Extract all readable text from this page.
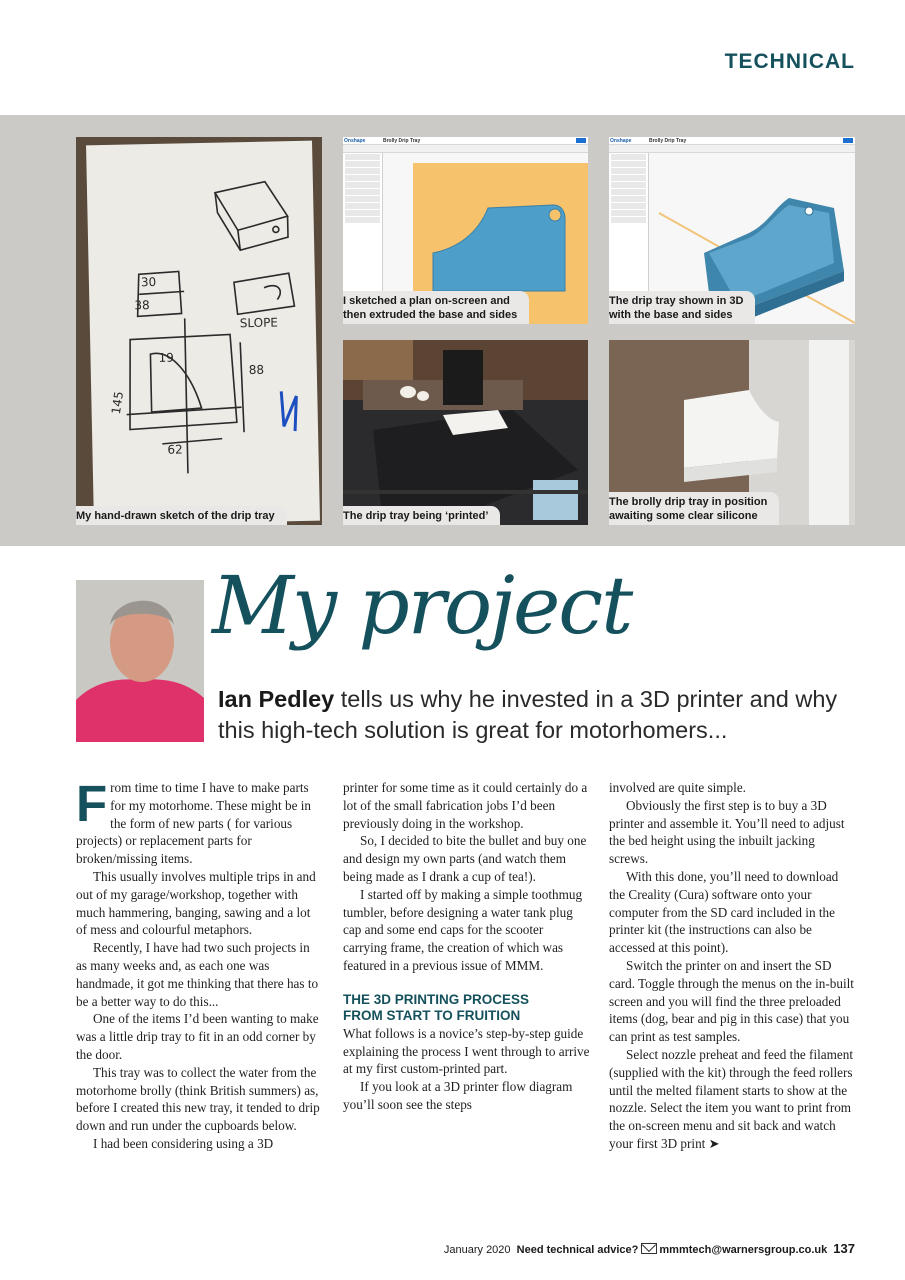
TECHNICAL
30
38
SLOPE
19
88
145
62
My hand-drawn sketch of the drip tray
Onshape	Brolly Drip Tray
I sketched a plan on-screen and
then extruded the base and sides
Onshape	Brolly Drip Tray
The drip tray shown in 3D
with the base and sides
The drip tray being ‘printed’
The brolly drip tray in position
awaiting some clear silicone
My project
Ian Pedley tells us why he invested in a 3D printer and why this high-tech solution is great for motorhomers...

From time to time I have to make parts for my motorhome. These might be in the form of new parts ( for various projects) or replacement parts for broken/missing items.

This usually involves multiple trips in and out of my garage/workshop, together with much hammering, banging, sawing and a lot of mess and colourful metaphors.

Recently, I have had two such projects in as many weeks and, as each one was handmade, it got me thinking that there has to be a better way to do this...

One of the items I’d been wanting to make was a little drip tray to fit in an odd corner by the door.

This tray was to collect the water from the motorhome brolly (think British summers) as, before I created this new tray, it tended to drip down and run under the cupboards below.

I had been considering using a 3D

printer for some time as it could certainly do a lot of the small fabrication jobs I’d been previously doing in the workshop.

So, I decided to bite the bullet and buy one and design my own parts (and watch them being made as I drank a cup of tea!).

I started off by making a simple toothmug tumbler, before designing a water tank plug cap and some end caps for the scooter carrying frame, the creation of which was featured in a previous issue of MMM.

THE 3D PRINTING PROCESS
FROM START TO FRUITION

What follows is a novice’s step-by-step guide explaining the process I went through to arrive at my first custom-printed part.

If you look at a 3D printer flow diagram you’ll soon see the steps

involved are quite simple.

Obviously the first step is to buy a 3D printer and assemble it. You’ll need to adjust the bed height using the inbuilt jacking screws.

With this done, you’ll need to download the Creality (Cura) software onto your computer from the SD card included in the printer kit (the instructions can also be accessed at this point).

Switch the printer on and insert the SD card. Toggle through the menus on the in-built screen and you will find the three preloaded items (dog, bear and pig in this case) that you can print as test samples.

Select nozzle preheat and feed the filament (supplied with the kit) through the feed rollers until the melted filament starts to show at the nozzle. Select the item you want to print from the on-screen menu and sit back and watch your first 3D print ➤

January 2020 Need technical advice? mmmtech@warnersgroup.co.uk 137
